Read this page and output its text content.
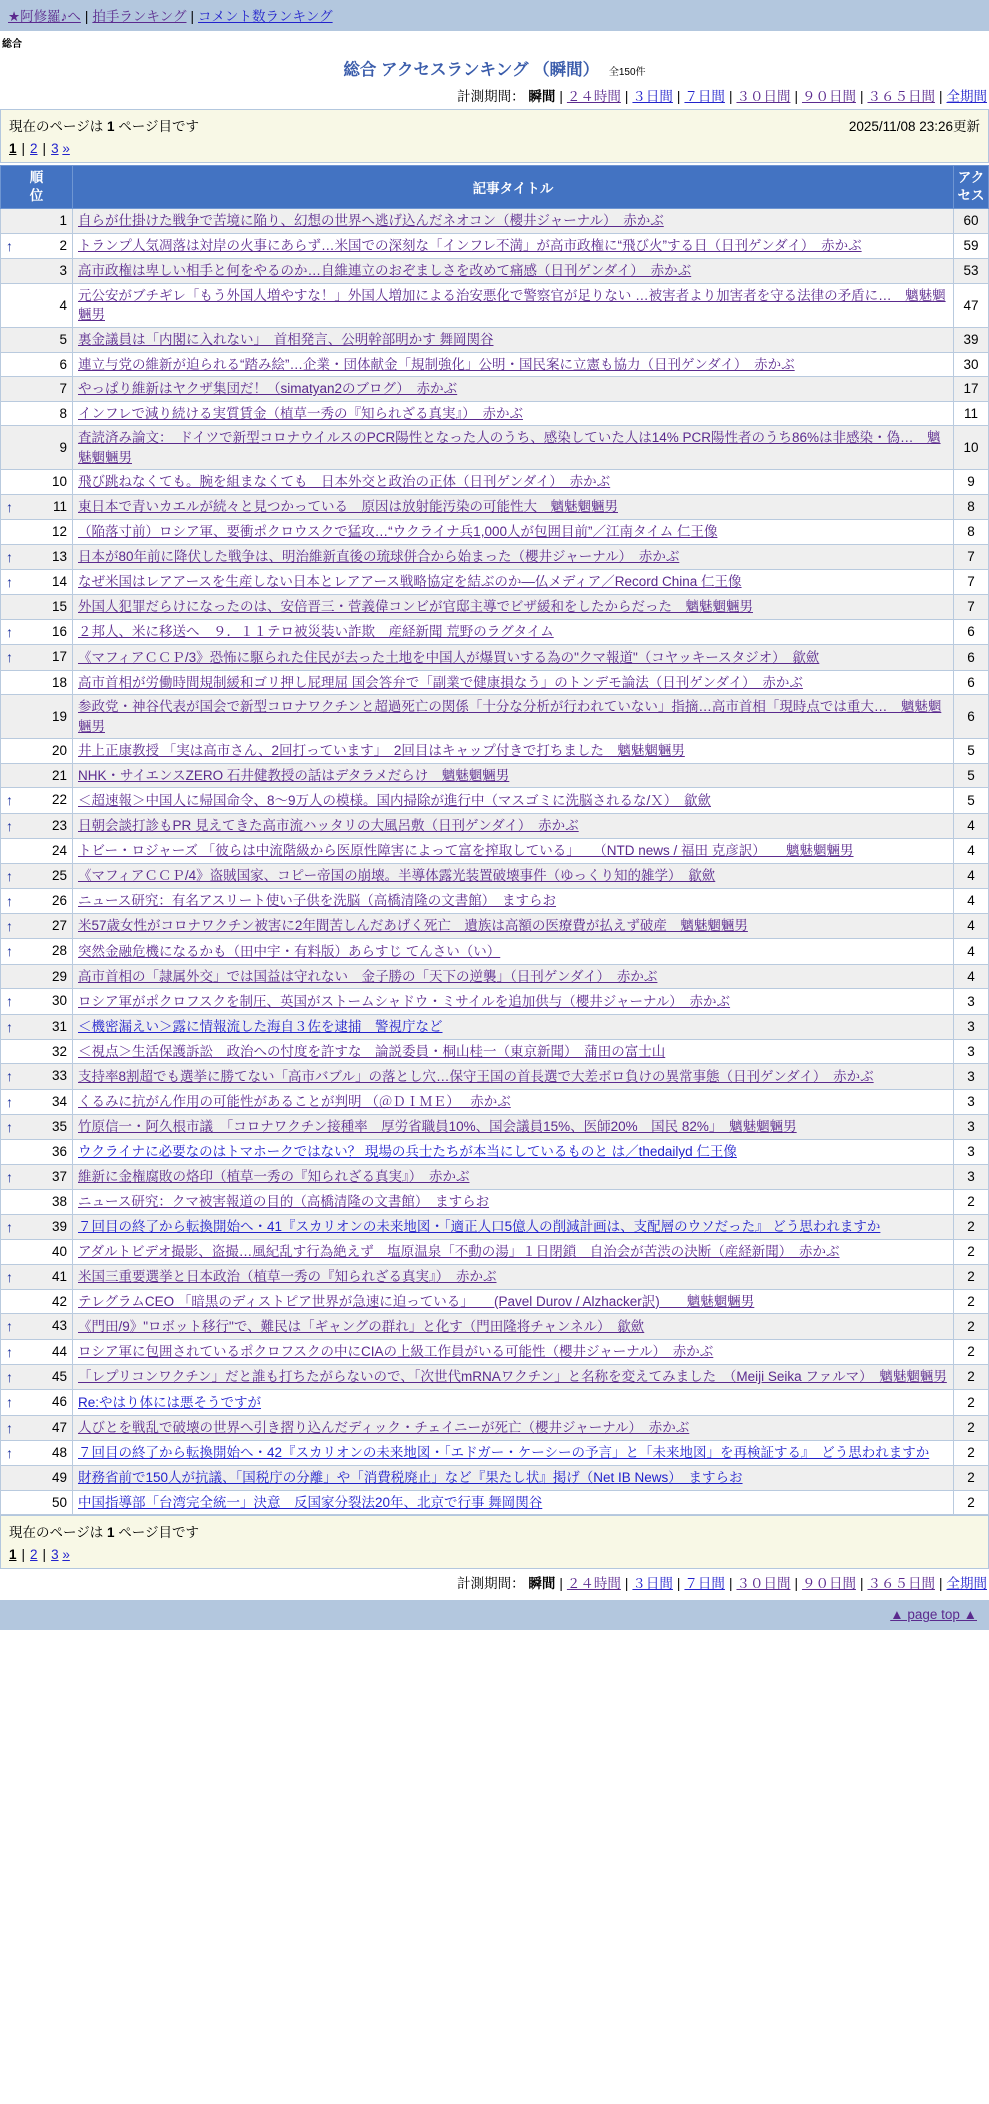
★阿修羅♪へ | 拍手ランキング | コメント数ランキング
総合
総合 アクセスランキング （瞬間） 全150件
計測期間： 瞬間 | ２４時間 | ３日間 | ７日間 | ３０日間 | ９０日間 | ３６５日間 | 全期間
現在のページは 1 ページ目です	2025/11/08 23:26更新
1 | 2 | 3 »
順位	記事タイトル	アクセス

1	自らが仕掛けた戦争で苦境に陥り、幻想の世界へ逃げ込んだネオコン（櫻井ジャーナル）　赤かぶ	60

↑ 2	トランプ人気凋落は対岸の火事にあらず…米国での深刻な「インフレ不満」が高市政権に“飛び火”する日（日刊ゲンダイ）　赤かぶ	59

3	高市政権は卑しい相手と何をやるのか…自維連立のおぞましさを改めて痛感（日刊ゲンダイ）　赤かぶ	53

4	元公安がブチギレ「もう外国人増やすな！」外国人増加による治安悪化で警察官が足りない …被害者より加害者を守る法律の矛盾に…　魑魅魍魎男	47

5	裏金議員は「内閣に入れない」　首相発言、公明幹部明かす 舞岡関谷	39

6	連立与党の維新が迫られる“踏み絵”…企業・団体献金「規制強化」公明・国民案に立憲も協力（日刊ゲンダイ）　赤かぶ	30

7	やっぱり維新はヤクザ集団だ！（simatyan2のブログ）　赤かぶ	17

8	インフレで減り続ける実質賃金（植草一秀の『知られざる真実』）　赤かぶ	11

9	査読済み論文：　ドイツで新型コロナウイルスのPCR陽性となった人のうち、感染していた人は14% PCR陽性者のうち86%は非感染・偽…　魑魅魍魎男	10

10	飛び跳ねなくても。腕を組まなくても　日本外交と政治の正体（日刊ゲンダイ）　赤かぶ	9

↑ 11	東日本で青いカエルが続々と見つかっている　原因は放射能汚染の可能性大　魑魅魍魎男	8

12	（陥落寸前）ロシア軍、要衝ポクロウスクで猛攻…“ウクライナ兵1,000人が包囲目前”／江南タイム 仁王像	8

↑ 13	日本が80年前に降伏した戦争は、明治維新直後の琉球併合から始まった（櫻井ジャーナル）　赤かぶ	7

↑ 14	なぜ米国はレアアースを生産しない日本とレアアース戦略協定を結ぶのか―仏メディア／Record China 仁王像	7

15	外国人犯罪だらけになったのは、安倍晋三・菅義偉コンビが官邸主導でビザ緩和をしたからだった　魑魅魍魎男	7

↑ 16	２邦人、米に移送へ　９．１１テロ被災装い詐欺　産経新聞 荒野のラグタイム	6

↑ 17	《マフィアＣＣＰ/3》恐怖に駆られた住民が去った土地を中国人が爆買いする為の"クマ報道"（コヤッキースタジオ）　歙歛	6

18	高市首相が労働時間規制緩和ゴリ押し屁理屈 国会答弁で「副業で健康損なう」のトンデモ論法（日刊ゲンダイ）　赤かぶ	6

19	参政党・神谷代表が国会で新型コロナワクチンと超過死亡の関係「十分な分析が行われていない」指摘…高市首相「現時点では重大…　魑魅魍魎男	6

20	井上正康教授 「実は高市さん、2回打っています」　2回目はキャップ付きで打ちました　魑魅魍魎男	5

21	NHK・サイエンスZERO 石井健教授の話はデタラメだらけ　魑魅魍魎男	5

↑ 22	＜超速報＞中国人に帰国命令、8～9万人の模様。国内掃除が進行中（マスゴミに洗脳されるな/Ｘ）　歙歛	5

↑ 23	日朝会談打診もPR 見えてきた高市流ハッタリの大風呂敷（日刊ゲンダイ）　赤かぶ	4

24	トビー・ロジャーズ 「彼らは中流階級から医原性障害によって富を搾取している」　　（NTD news / 福田 克彦訳）　　魑魅魍魎男	4

↑ 25	《マフィアＣＣＰ/4》盗賊国家、コピー帝国の崩壊。半導体露光装置破壊事件（ゆっくり知的雑学）　歙歛	4

↑ 26	ニュース研究：有名アスリート使い子供を洗脳（高橋清隆の文書館）　ますらお	4

↑ 27	米57歳女性がコロナワクチン被害に2年間苦しんだあげく死亡　遺族は高額の医療費が払えず破産　魑魅魍魎男	4

↑ 28	突然金融危機になるかも（田中宇・有料版）あらすじ てんさい（い）	4

29	高市首相の「隷属外交」では国益は守れない　金子勝の「天下の逆襲」（日刊ゲンダイ）　赤かぶ	4

↑ 30	ロシア軍がポクロフスクを制圧、英国がストームシャドウ・ミサイルを追加供与（櫻井ジャーナル）　赤かぶ	3

↑ 31	＜機密漏えい＞露に情報流した海自３佐を逮捕　警視庁など	3

32	＜視点＞生活保護訴訟　政治への忖度を許すな　論説委員・桐山桂一（東京新聞）　蒲田の富士山	3

↑ 33	支持率8割超でも選挙に勝てない「高市バブル」の落とし穴…保守王国の首長選で大差ボロ負けの異常事態（日刊ゲンダイ）　赤かぶ	3

↑ 34	くるみに抗がん作用の可能性があることが判明 （＠ＤＩＭＥ）　 赤かぶ	3

↑ 35	竹原信一・阿久根市議　「コロナワクチン接種率　厚労省職員10%、国会議員15%、医師20%　国民 82%」　魑魅魍魎男	3

36	ウクライナに必要なのはトマホークではない？ 現場の兵士たちが本当にしているものと は／thedailyd 仁王像	3

↑ 37	維新に金権腐敗の烙印（植草一秀の『知られざる真実』）　赤かぶ	3

38	ニュース研究：クマ被害報道の目的（高橋清隆の文書館）　ますらお	2

↑ 39	７回目の終了から転換開始へ・41『スカリオンの未来地図・「適正人口5億人の削減計画は、支配層のウソだった』 どう思われますか	2

40	アダルトビデオ撮影、盗撮…風紀乱す行為絶えず　塩原温泉「不動の湯」１日閉鎖　自治会が苦渋の決断（産経新聞）　赤かぶ	2

↑ 41	米国三重要選挙と日本政治（植草一秀の『知られざる真実』）　赤かぶ	2

42	テレグラムCEO 「暗黒のディストピア世界が急速に迫っている」　　(Pavel Durov / Alzhacker訳)　　魑魅魍魎男	2

↑ 43	《門田/9》"ロボット移行"で、難民は「ギャングの群れ」と化す（門田隆将チャンネル）　歙歛	2

↑ 44	ロシア軍に包囲されているポクロフスクの中にCIAの上級工作員がいる可能性（櫻井ジャーナル）　赤かぶ	2

↑ 45	「レプリコンワクチン」だと誰も打ちたがらないので、「次世代mRNAワクチン」と名称を変えてみました　（Meiji Seika ファルマ）　魑魅魍魎男	2

↑ 46	Re:やはり体には悪そうですが	2

↑ 47	人びとを戦乱で破壊の世界へ引き摺り込んだディック・チェイニーが死亡（櫻井ジャーナル）　赤かぶ	2

↑ 48	７回目の終了から転換開始へ・42『スカリオンの未来地図・「エドガー・ケーシーの予言」と「未来地図」を再検証する』　どう思われますか	2

49	財務省前で150人が抗議、「国税庁の分離」や「消費税廃止」など『果たし状』掲げ（Net IB News）　ますらお	2

50	中国指導部「台湾完全統一」決意　反国家分裂法20年、北京で行事 舞岡関谷	2
現在のページは 1 ページ目です
1 | 2 | 3 »
計測期間： 瞬間 | ２４時間 | ３日間 | ７日間 | ３０日間 | ９０日間 | ３６５日間 | 全期間
▲ page top ▲
